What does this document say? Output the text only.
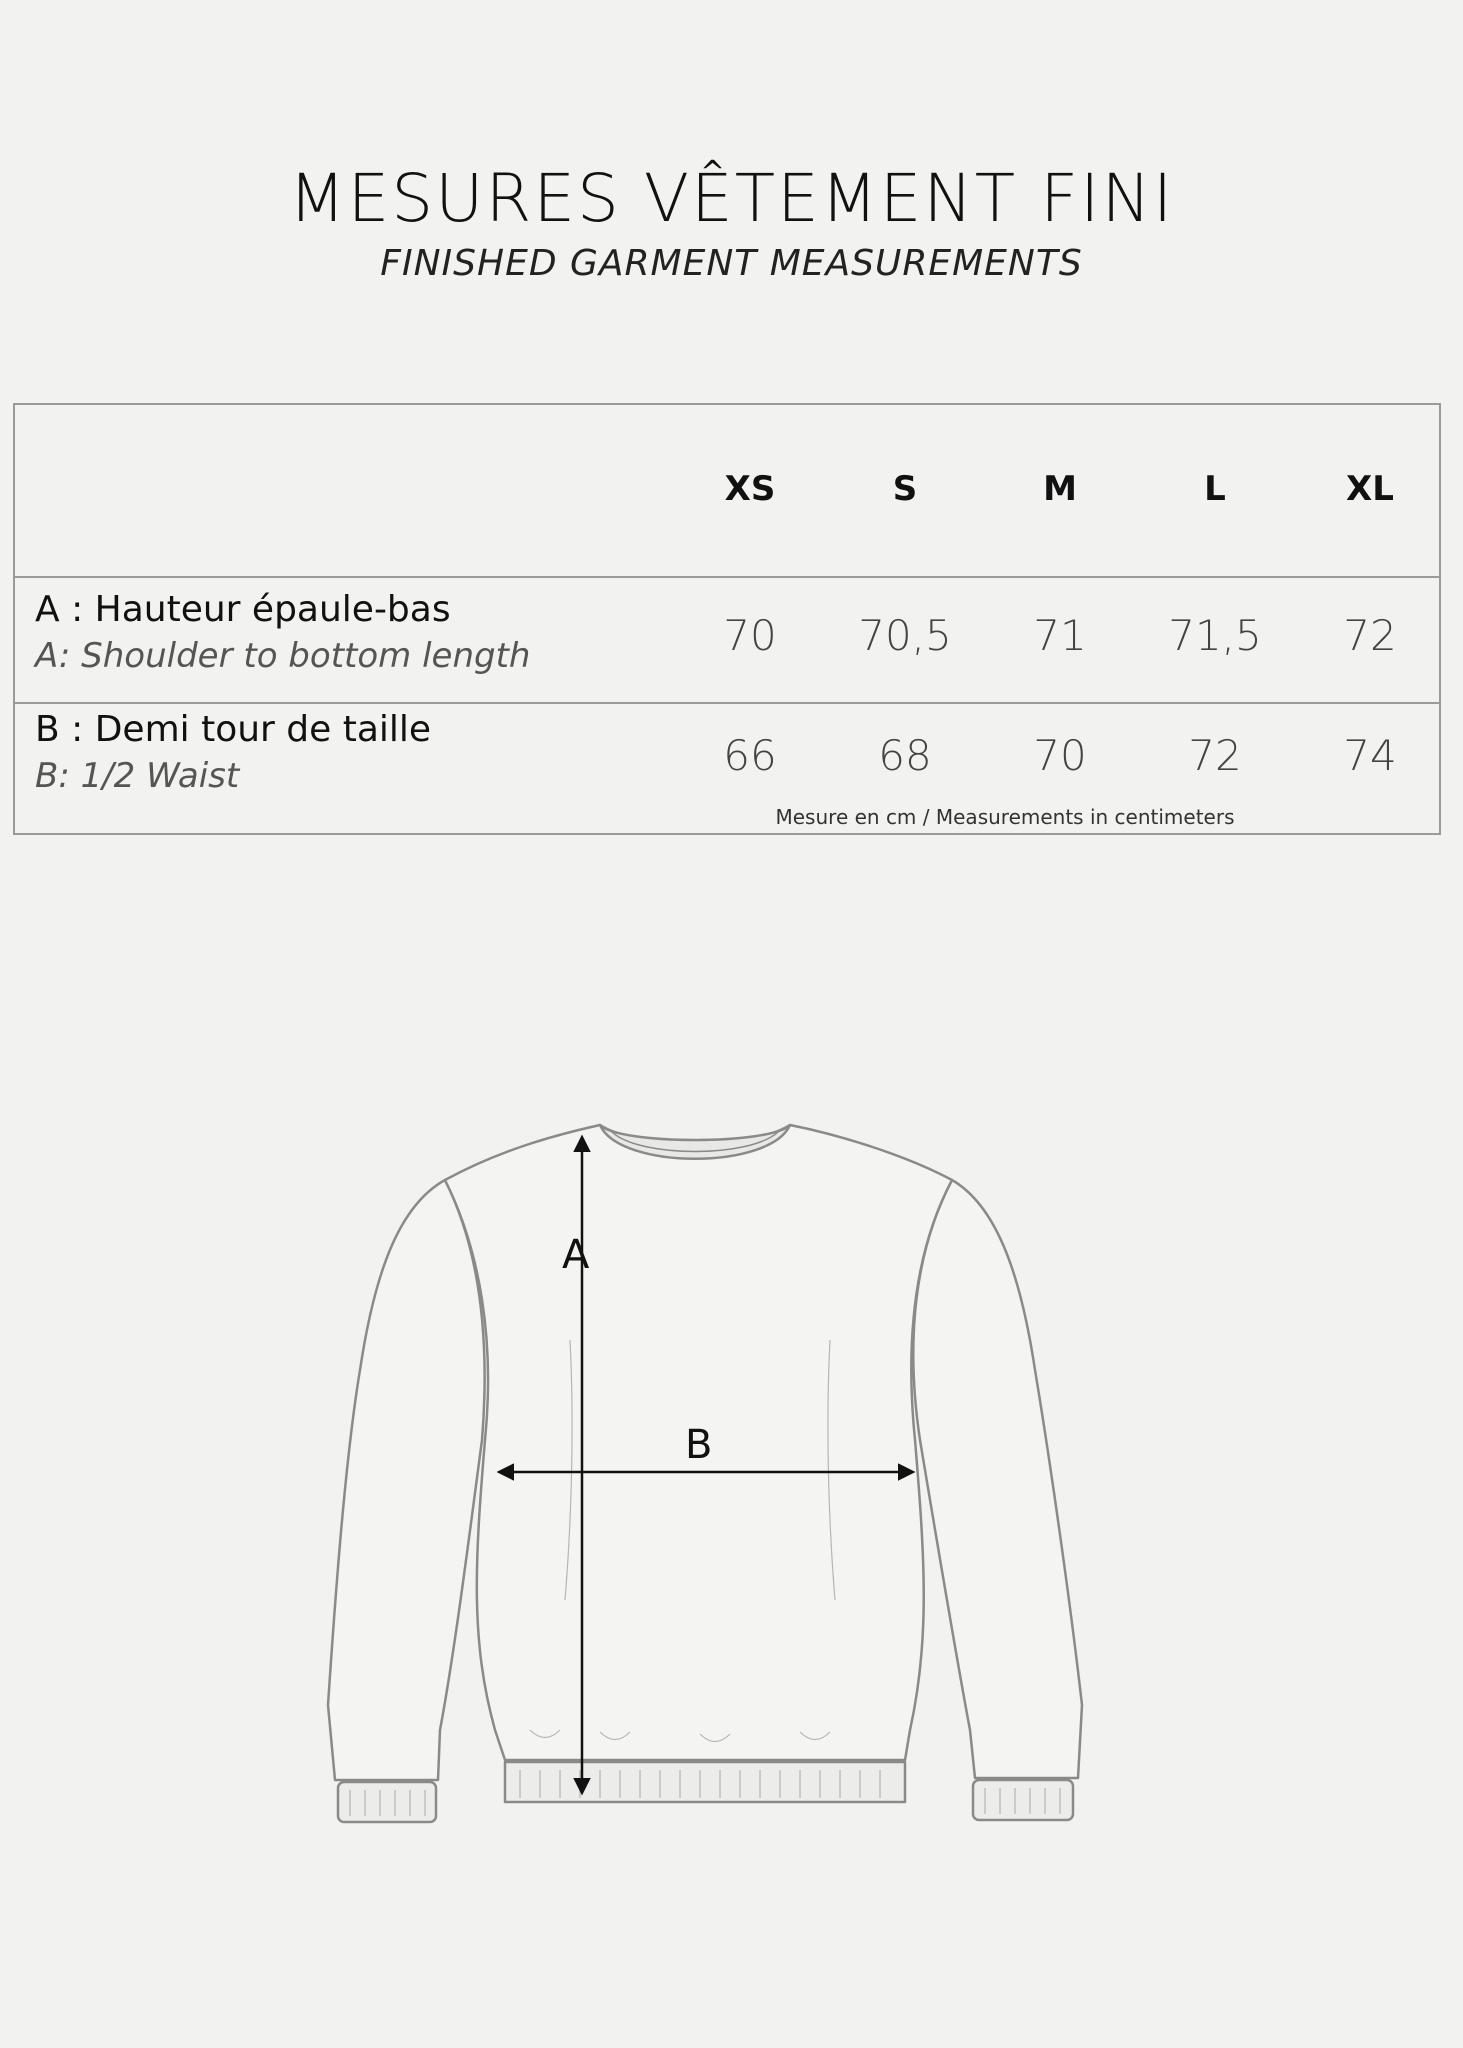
MESURES VÊTEMENT FINI
FINISHED GARMENT MEASUREMENTS
XS	S	M	L	XL
A : Hauteur épaule-bas
A: Shoulder to bottom length	70	70,5	71	71,5	72
B : Demi tour de taille
B: 1/2 Waist	66	68	70	72	74
Mesure en cm / Measurements in centimeters
A
B
